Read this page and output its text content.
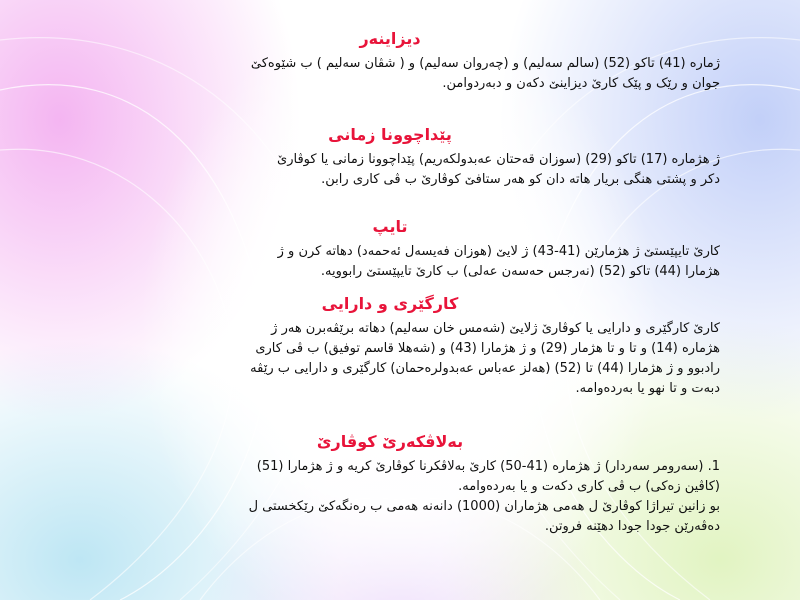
دیزاینەر

ژمارە (41) تاکو (52) (سالم سەلیم) و (چەروان سەلیم) و ( شڤان سەلیم ) ب شێوەکێ
جوان و رێک و پێک کارێ دیزاینێ دکەن و دبەردوامن.

پێداچوونا زمانی

ژ هژمارە (17) تاکو (29) (سوزان قەحتان عەبدولکەریم) پێداچوونا زمانی یا کوڤارێ
دکر و پشتی هنگی بریار هاتە دان کو هەر ستافێ کوڤارێ ب ڤی کاری رابن.

تایپ

کارێ تایپێستێ ژ هژمارێن (41-43) ژ لایێ (هوزان فەیسەل ئەحمەد) دهاتە کرن و ژ
هژمارا (44) تاکو (52) (نەرجس حەسەن عەلی) ب کارێ تایپێستێ رابوویە.

کارگێری و دارایی

کارێ کارگێری و دارایی یا کوڤارێ ژلایێ (شەمس خان سەلیم) دهاتە برێڤەبرن هەر ژ
هژمارە (14) و تا و تا هژمار (29) و ژ هژمارا (43) و (شەهلا قاسم توفیق) ب ڤی کاری
رادبوو و ژ هژمارا (44) تا (52) (هەلز عەباس عەبدولرەحمان) کارگێری و دارایی ب رێڤە
دبەت و تا نهو یا بەردەوامە.

بەلاڤکەرێ کوڤارێ

1. (سەرومر سەردار) ژ هژمارە (41-50) کارێ بەلاڤکرنا کوڤارێ کریە و ژ هژمارا (51)
(کاڤین زەکی) ب ڤی کاری دکەت و یا بەردەوامە.
بو زانین تیراژا کوڤارێ ل هەمی هژماران (1000) دانەنە هەمی ب رەنگەکێ رێکخستی ل
دەڤەرێن جودا جودا دهێنە فروتن.
